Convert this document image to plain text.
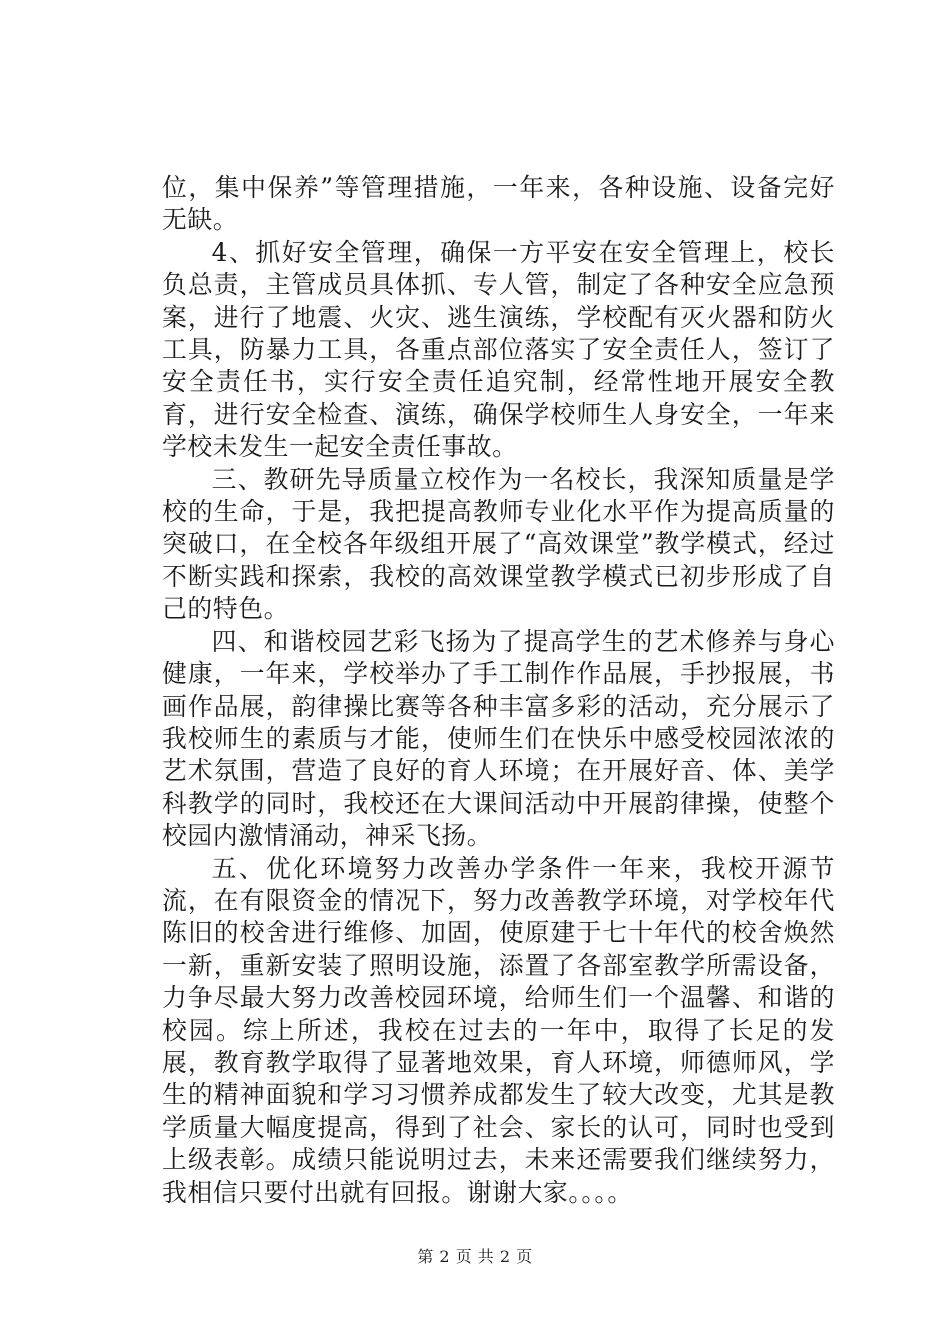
位，集中保养”等管理措施，一年来，各种设施、设备完好无缺。

4、抓好安全管理，确保一方平安在安全管理上，校长负总责，主管成员具体抓、专人管，制定了各种安全应急预案，进行了地震、火灾、逃生演练，学校配有灭火器和防火工具，防暴力工具，各重点部位落实了安全责任人，签订了安全责任书，实行安全责任追究制，经常性地开展安全教育，进行安全检查、演练，确保学校师生人身安全，一年来学校未发生一起安全责任事故。

三、教研先导质量立校作为一名校长，我深知质量是学校的生命，于是，我把提高教师专业化水平作为提高质量的突破口，在全校各年级组开展了“高效课堂”教学模式，经过不断实践和探索，我校的高效课堂教学模式已初步形成了自己的特色。

四、和谐校园艺彩飞扬为了提高学生的艺术修养与身心健康，一年来，学校举办了手工制作作品展，手抄报展，书画作品展，韵律操比赛等各种丰富多彩的活动，充分展示了我校师生的素质与才能，使师生们在快乐中感受校园浓浓的艺术氛围，营造了良好的育人环境；在开展好音、体、美学科教学的同时，我校还在大课间活动中开展韵律操，使整个校园内激情涌动，神采飞扬。

五、优化环境努力改善办学条件一年来，我校开源节流，在有限资金的情况下，努力改善教学环境，对学校年代陈旧的校舍进行维修、加固，使原建于七十年代的校舍焕然一新，重新安装了照明设施，添置了各部室教学所需设备，力争尽最大努力改善校园环境，给师生们一个温馨、和谐的校园。综上所述，我校在过去的一年中，取得了长足的发展，教育教学取得了显著地效果，育人环境，师德师风，学生的精神面貌和学习习惯养成都发生了较大改变，尤其是教学质量大幅度提高，得到了社会、家长的认可，同时也受到上级表彰。成绩只能说明过去，未来还需要我们继续努力，我相信只要付出就有回报。谢谢大家。。。。

第 2 页 共 2 页
